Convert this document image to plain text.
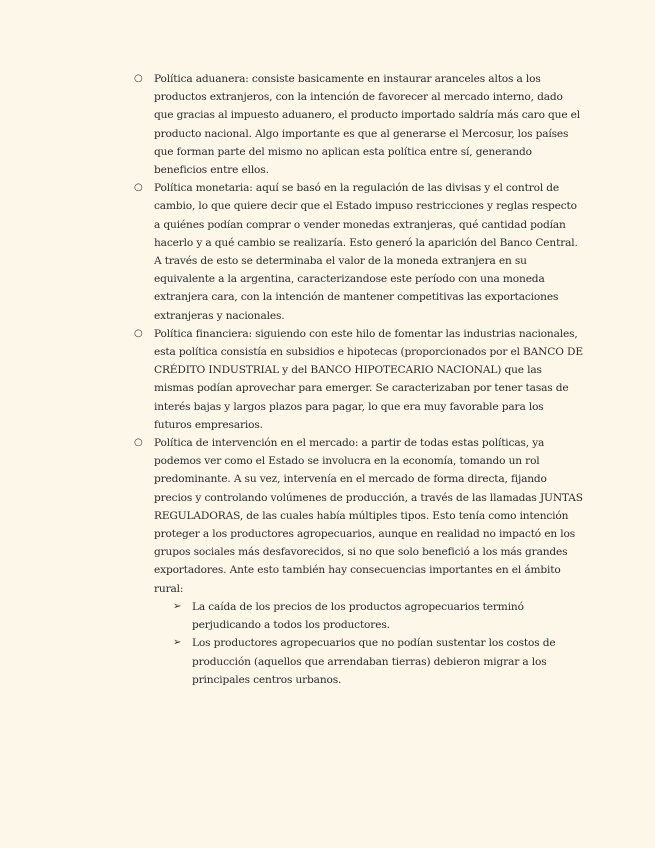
○ Política aduanera: consiste basicamente en instaurar aranceles altos a los productos extranjeros, con la intención de favorecer al mercado interno, dado que gracias al impuesto aduanero, el producto importado saldría más caro que el producto nacional. Algo importante es que al generarse el Mercosur, los países que forman parte del mismo no aplican esta política entre sí, generando beneficios entre ellos.
○ Política monetaria: aquí se basó en la regulación de las divisas y el control de cambio, lo que quiere decir que el Estado impuso restricciones y reglas respecto a quiénes podían comprar o vender monedas extranjeras, qué cantidad podían hacerlo y a qué cambio se realizaría. Esto generó la aparición del Banco Central. A través de esto se determinaba el valor de la moneda extranjera en su equivalente a la argentina, caracterizandose este período con una moneda extranjera cara, con la intención de mantener competitivas las exportaciones extranjeras y nacionales.
○ Política financiera: siguiendo con este hilo de fomentar las industrias nacionales, esta política consistía en subsidios e hipotecas (proporcionados por el BANCO DE CRÉDITO INDUSTRIAL y del BANCO HIPOTECARIO NACIONAL) que las mismas podían aprovechar para emerger. Se caracterizaban por tener tasas de interés bajas y largos plazos para pagar, lo que era muy favorable para los futuros empresarios.
○ Política de intervención en el mercado: a partir de todas estas políticas, ya podemos ver como el Estado se involucra en la economía, tomando un rol predominante. A su vez, intervenía en el mercado de forma directa, fijando precios y controlando volúmenes de producción, a través de las llamadas JUNTAS REGULADORAS, de las cuales había múltiples tipos. Esto tenía como intención proteger a los productores agropecuarios, aunque en realidad no impactó en los grupos sociales más desfavorecidos, si no que solo benefició a los más grandes exportadores. Ante esto también hay consecuencias importantes en el ámbito rural:
➢ La caída de los precios de los productos agropecuarios terminó perjudicando a todos los productores.
➢ Los productores agropecuarios que no podían sustentar los costos de producción (aquellos que arrendaban tierras) debieron migrar a los principales centros urbanos.
